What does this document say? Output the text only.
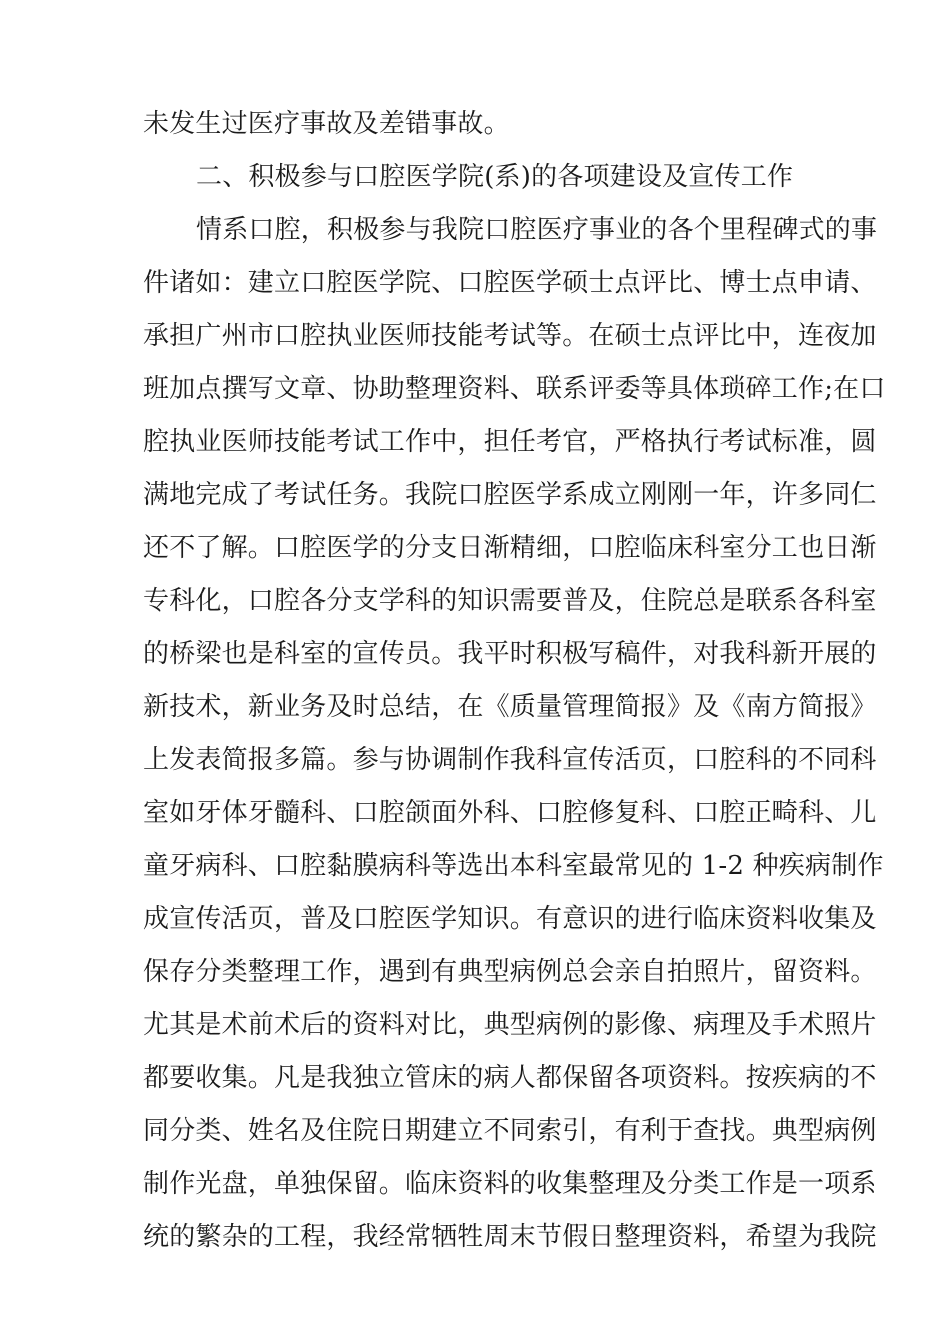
未发生过医疗事故及差错事故。
二、积极参与口腔医学院(系)的各项建设及宣传工作
情系口腔，积极参与我院口腔医疗事业的各个里程碑式的事
件诸如：建立口腔医学院、口腔医学硕士点评比、博士点申请、
承担广州市口腔执业医师技能考试等。在硕士点评比中，连夜加
班加点撰写文章、协助整理资料、联系评委等具体琐碎工作;在口
腔执业医师技能考试工作中，担任考官，严格执行考试标准，圆
满地完成了考试任务。我院口腔医学系成立刚刚一年，许多同仁
还不了解。口腔医学的分支日渐精细，口腔临床科室分工也日渐
专科化，口腔各分支学科的知识需要普及，住院总是联系各科室
的桥梁也是科室的宣传员。我平时积极写稿件，对我科新开展的
新技术，新业务及时总结，在《质量管理简报》及《南方简报》
上发表简报多篇。参与协调制作我科宣传活页，口腔科的不同科
室如牙体牙髓科、口腔颌面外科、口腔修复科、口腔正畸科、儿
童牙病科、口腔黏膜病科等选出本科室最常见的 1-2 种疾病制作
成宣传活页，普及口腔医学知识。有意识的进行临床资料收集及
保存分类整理工作，遇到有典型病例总会亲自拍照片，留资料。
尤其是术前术后的资料对比，典型病例的影像、病理及手术照片
都要收集。凡是我独立管床的病人都保留各项资料。按疾病的不
同分类、姓名及住院日期建立不同索引，有利于查找。典型病例
制作光盘，单独保留。临床资料的收集整理及分类工作是一项系
统的繁杂的工程，我经常牺牲周末节假日整理资料，希望为我院
